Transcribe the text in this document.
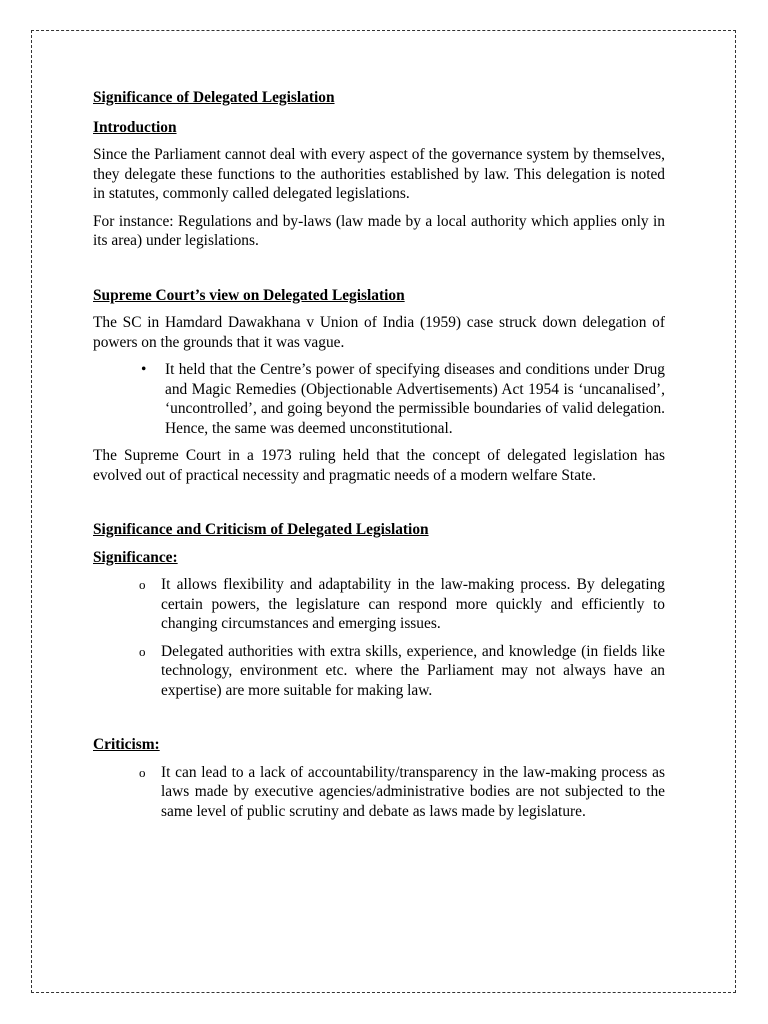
Significance of Delegated Legislation
Introduction

Since the Parliament cannot deal with every aspect of the governance system by themselves, they delegate these functions to the authorities established by law. This delegation is noted in statutes, commonly called delegated legislations.

For instance: Regulations and by-laws (law made by a local authority which applies only in its area) under legislations.

Supreme Court’s view on Delegated Legislation

The SC in Hamdard Dawakhana v Union of India (1959) case struck down delegation of powers on the grounds that it was vague.

•	It held that the Centre’s power of specifying diseases and conditions under Drug and Magic Remedies (Objectionable Advertisements) Act 1954 is ‘uncanalised’, ‘uncontrolled’, and going beyond the permissible boundaries of valid delegation. Hence, the same was deemed unconstitutional.

The Supreme Court in a 1973 ruling held that the concept of delegated legislation has evolved out of practical necessity and pragmatic needs of a modern welfare State.

Significance and Criticism of Delegated Legislation
Significance:
o	It allows flexibility and adaptability in the law-making process. By delegating certain powers, the legislature can respond more quickly and efficiently to changing circumstances and emerging issues.
o	Delegated authorities with extra skills, experience, and knowledge (in fields like technology, environment etc. where the Parliament may not always have an expertise) are more suitable for making law.
Criticism:
o	It can lead to a lack of accountability/transparency in the law-making process as laws made by executive agencies/administrative bodies are not subjected to the same level of public scrutiny and debate as laws made by legislature.
